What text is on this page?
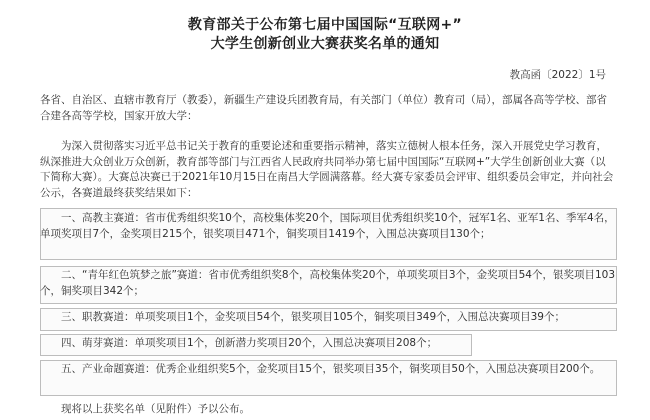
教育部关于公布第七届中国国际“互联网+”
大学生创新创业大赛获奖名单的通知
教高函〔2022〕1号

各省、自治区、直辖市教育厅（教委），新疆生产建设兵团教育局，有关部门（单位）教育司（局），部属各高等学校、部省合建各高等学校，国家开放大学：

为深入贯彻落实习近平总书记关于教育的重要论述和重要指示精神，落实立德树人根本任务，深入开展党史学习教育，纵深推进大众创业万众创新，教育部等部门与江西省人民政府共同举办第七届中国国际“互联网+”大学生创新创业大赛（以下简称大赛）。大赛总决赛已于2021年10月15日在南昌大学圆满落幕。经大赛专家委员会评审、组织委员会审定，并向社会公示，各赛道最终获奖结果如下：

一、高教主赛道：省市优秀组织奖10个，高校集体奖20个，国际项目优秀组织奖10个，冠军1名、亚军1名、季军4名，单项奖项目7个，金奖项目215个，银奖项目471个，铜奖项目1419个，入围总决赛项目130个；

二、“青年红色筑梦之旅”赛道：省市优秀组织奖8个，高校集体奖20个，单项奖项目3个，金奖项目54个，银奖项目103个，铜奖项目342个；

三、职教赛道：单项奖项目1个，金奖项目54个，银奖项目105个，铜奖项目349个，入围总决赛项目39个；

四、萌芽赛道：单项奖项目1个，创新潜力奖项目20个，入围总决赛项目208个；

五、产业命题赛道：优秀企业组织奖5个，金奖项目15个，银奖项目35个，铜奖项目50个，入围总决赛项目200个。

现将以上获奖名单（见附件）予以公布。
